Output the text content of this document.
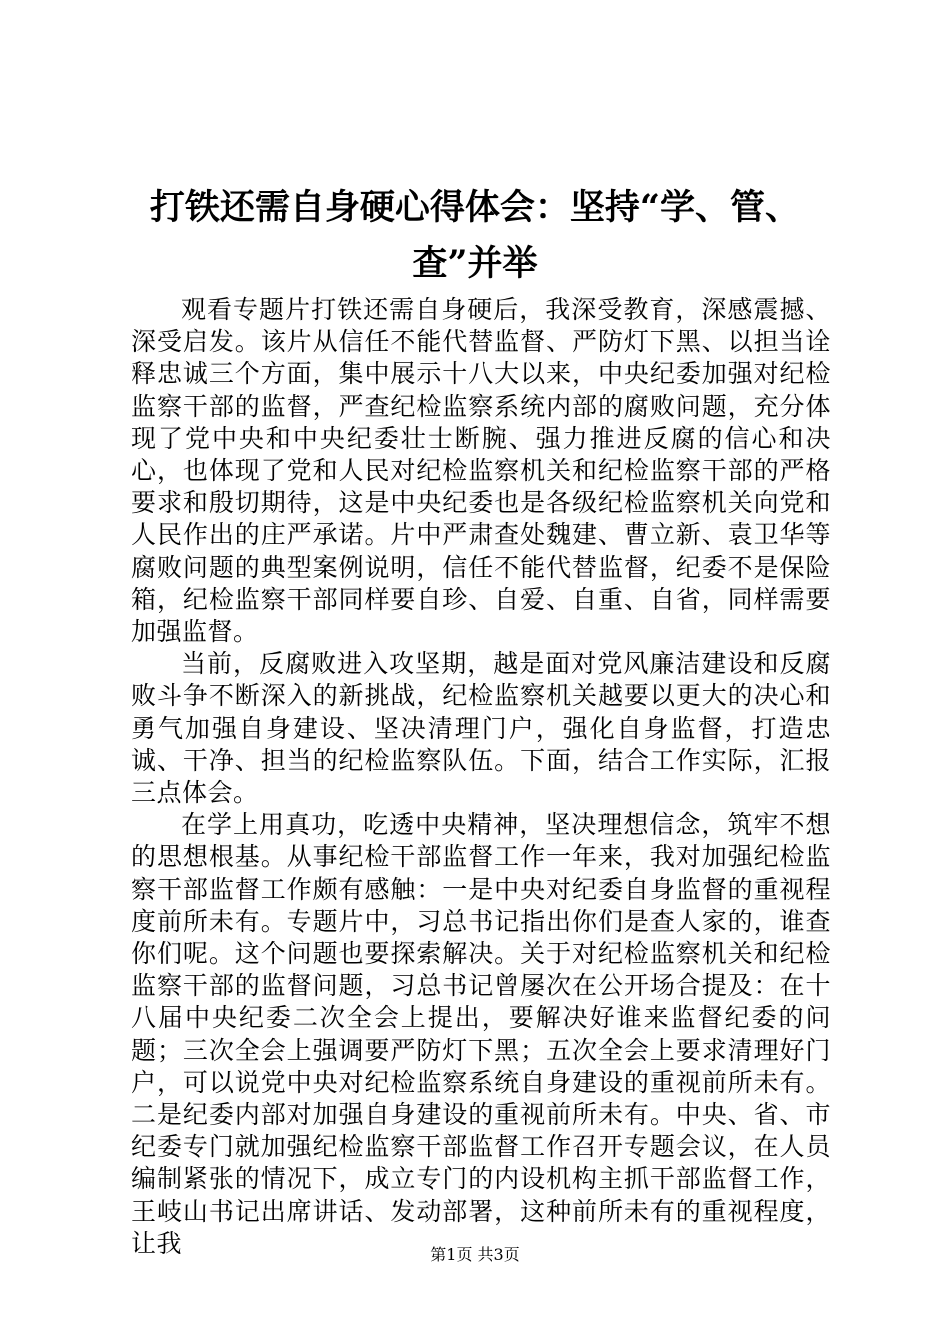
打铁还需自身硬心得体会：坚持“学、管、查”并举

观看专题片打铁还需自身硬后，我深受教育，深感震撼、深受启发。该片从信任不能代替监督、严防灯下黑、以担当诠释忠诚三个方面，集中展示十八大以来，中央纪委加强对纪检监察干部的监督，严查纪检监察系统内部的腐败问题，充分体现了党中央和中央纪委壮士断腕、强力推进反腐的信心和决心，也体现了党和人民对纪检监察机关和纪检监察干部的严格要求和殷切期待，这是中央纪委也是各级纪检监察机关向党和人民作出的庄严承诺。片中严肃查处魏建、曹立新、袁卫华等腐败问题的典型案例说明，信任不能代替监督，纪委不是保险箱，纪检监察干部同样要自珍、自爱、自重、自省，同样需要加强监督。

当前，反腐败进入攻坚期，越是面对党风廉洁建设和反腐败斗争不断深入的新挑战，纪检监察机关越要以更大的决心和勇气加强自身建设、坚决清理门户，强化自身监督，打造忠诚、干净、担当的纪检监察队伍。下面，结合工作实际，汇报三点体会。

在学上用真功，吃透中央精神，坚决理想信念，筑牢不想的思想根基。从事纪检干部监督工作一年来，我对加强纪检监察干部监督工作颇有感触：一是中央对纪委自身监督的重视程度前所未有。专题片中，习总书记指出你们是查人家的，谁查你们呢。这个问题也要探索解决。关于对纪检监察机关和纪检监察干部的监督问题，习总书记曾屡次在公开场合提及：在十八届中央纪委二次全会上提出，要解决好谁来监督纪委的问题；三次全会上强调要严防灯下黑；五次全会上要求清理好门户，可以说党中央对纪检监察系统自身建设的重视前所未有。二是纪委内部对加强自身建设的重视前所未有。中央、省、市纪委专门就加强纪检监察干部监督工作召开专题会议，在人员编制紧张的情况下，成立专门的内设机构主抓干部监督工作，王岐山书记出席讲话、发动部署，这种前所未有的重视程度，让我	第1页 共3页
